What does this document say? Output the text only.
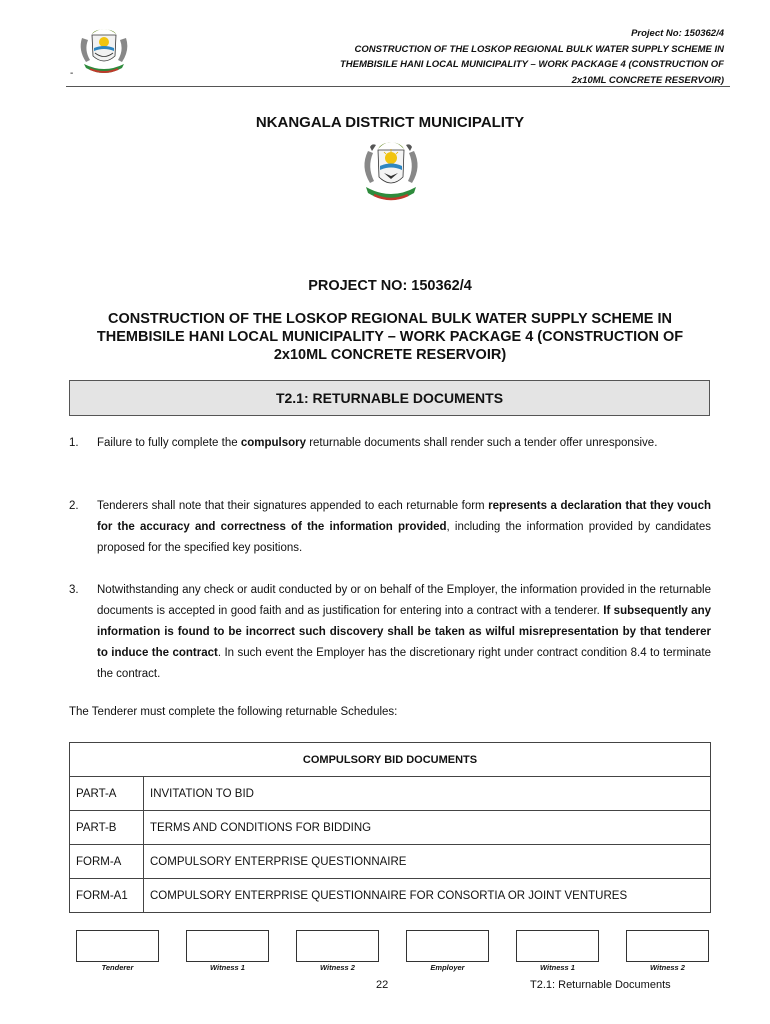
-
Project No: 150362/4
CONSTRUCTION OF THE LOSKOP REGIONAL BULK WATER SUPPLY SCHEME IN
THEMBISILE HANI LOCAL MUNICIPALITY – WORK PACKAGE 4 (CONSTRUCTION OF
2x10ML CONCRETE RESERVOIR)
NKANGALA DISTRICT MUNICIPALITY
PROJECT NO: 150362/4
CONSTRUCTION OF THE LOSKOP REGIONAL BULK WATER SUPPLY SCHEME IN
THEMBISILE HANI LOCAL MUNICIPALITY – WORK PACKAGE 4 (CONSTRUCTION OF
2x10ML CONCRETE RESERVOIR)
T2.1: RETURNABLE DOCUMENTS
1.	Failure to fully complete the compulsory returnable documents shall render such a tender offer unresponsive.
2.	Tenderers shall note that their signatures appended to each returnable form represents a declaration that they vouch for the accuracy and correctness of the information provided, including the information provided by candidates proposed for the specified key positions.
3.	Notwithstanding any check or audit conducted by or on behalf of the Employer, the information provided in the returnable documents is accepted in good faith and as justification for entering into a contract with a tenderer. If subsequently any information is found to be incorrect such discovery shall be taken as wilful misrepresentation by that tenderer to induce the contract. In such event the Employer has the discretionary right under contract condition 8.4 to terminate the contract.
The Tenderer must complete the following returnable Schedules:
COMPULSORY BID DOCUMENTS	
PART-A	INVITATION TO BID
PART-B	TERMS AND CONDITIONS FOR BIDDING
FORM-A	COMPULSORY ENTERPRISE QUESTIONNAIRE
FORM-A1	COMPULSORY ENTERPRISE QUESTIONNAIRE FOR CONSORTIA OR JOINT VENTURES
Tenderer	Witness 1	Witness 2	Employer	Witness 1	Witness 2
22	T2.1: Returnable Documents
